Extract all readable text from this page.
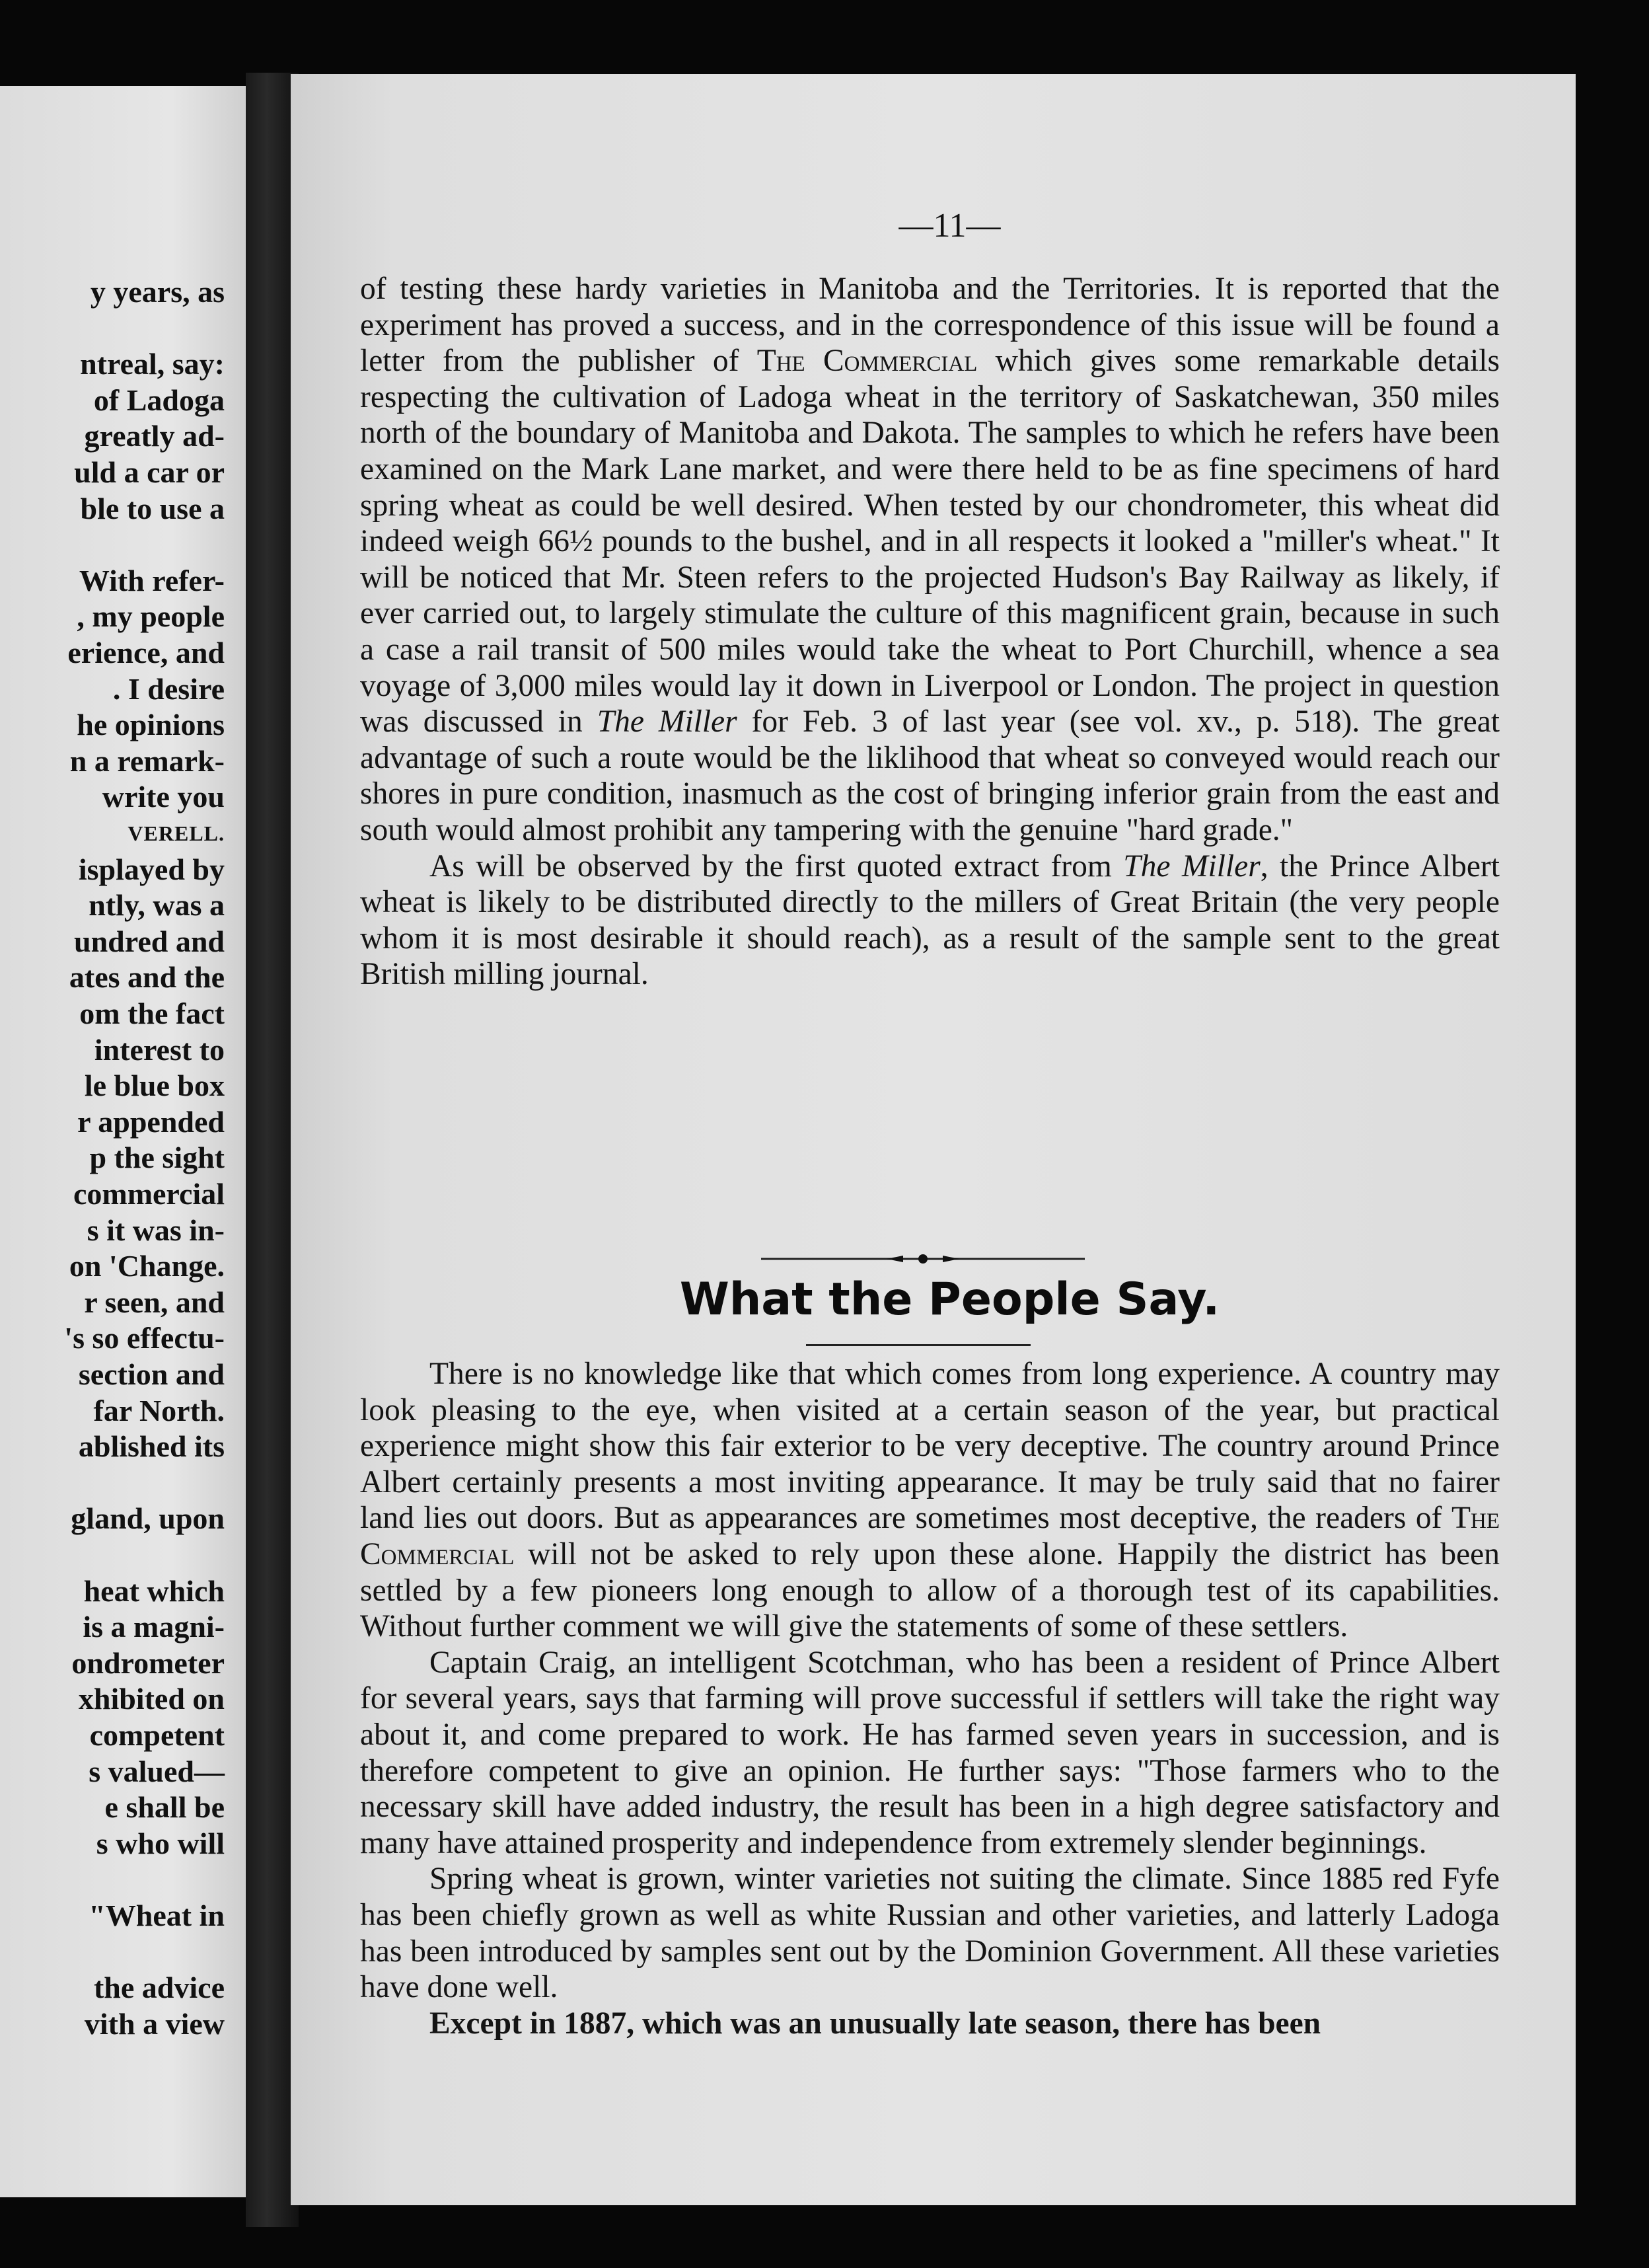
y years, as
ntreal, say:
of Ladoga
greatly ad-
uld a car or
ble to use a
With refer-
, my people
erience, and
. I desire
he opinions
n a remark-
write you
VERELL.
isplayed by
ntly, was a
undred and
ates and the
om the fact
interest to
le blue box
r appended
p the sight
commercial
s it was in-
on 'Change.
r seen, and
's so effectu-
section and
far North.
ablished its
gland, upon
heat which
is a magni-
ondrometer
xhibited on
competent
s valued—
e shall be
s who will
"Wheat in
the advice
vith a view
—11—

of testing these hardy varieties in Manitoba and the Territories. It is reported that the experiment has proved a success, and in the correspondence of this issue will be found a letter from the publisher of The Commercial which gives some remarkable details respecting the cultivation of Ladoga wheat in the territory of Saskatchewan, 350 miles north of the boundary of Manitoba and Dakota. The samples to which he refers have been examined on the Mark Lane market, and were there held to be as fine specimens of hard spring wheat as could be well desired. When tested by our chondrometer, this wheat did indeed weigh 66½ pounds to the bushel, and in all respects it looked a "miller's wheat." It will be noticed that Mr. Steen refers to the projected Hudson's Bay Railway as likely, if ever carried out, to largely stimulate the culture of this magnificent grain, because in such a case a rail transit of 500 miles would take the wheat to Port Churchill, whence a sea voyage of 3,000 miles would lay it down in Liverpool or London. The project in question was discussed in The Miller for Feb. 3 of last year (see vol. xv., p. 518). The great advantage of such a route would be the liklihood that wheat so conveyed would reach our shores in pure condition, inasmuch as the cost of bringing inferior grain from the east and south would almost prohibit any tampering with the genuine "hard grade."

As will be observed by the first quoted extract from The Miller, the Prince Albert wheat is likely to be distributed directly to the millers of Great Britain (the very people whom it is most desirable it should reach), as a result of the sample sent to the great British milling journal.

What the People Say.

There is no knowledge like that which comes from long experience. A country may look pleasing to the eye, when visited at a certain season of the year, but practical experience might show this fair exterior to be very deceptive. The country around Prince Albert certainly presents a most inviting appearance. It may be truly said that no fairer land lies out doors. But as appearances are sometimes most deceptive, the readers of The Commercial will not be asked to rely upon these alone. Happily the district has been settled by a few pioneers long enough to allow of a thorough test of its capabilities. Without further comment we will give the statements of some of these settlers.

Captain Craig, an intelligent Scotchman, who has been a resident of Prince Albert for several years, says that farming will prove successful if settlers will take the right way about it, and come prepared to work. He has farmed seven years in succession, and is therefore competent to give an opinion. He further says: "Those farmers who to the necessary skill have added industry, the result has been in a high degree satisfactory and many have attained prosperity and independence from extremely slender beginnings.

Spring wheat is grown, winter varieties not suiting the climate. Since 1885 red Fyfe has been chiefly grown as well as white Russian and other varieties, and latterly Ladoga has been introduced by samples sent out by the Dominion Government. All these varieties have done well.

Except in 1887, which was an unusually late season, there has been
